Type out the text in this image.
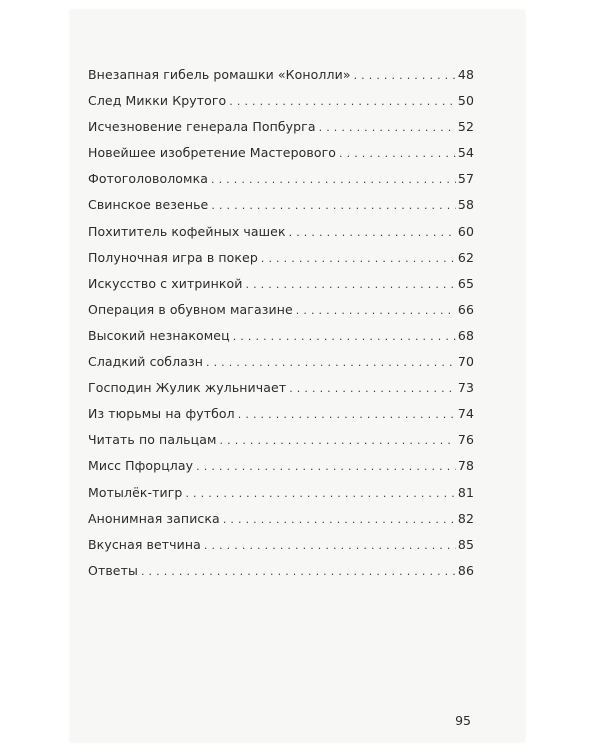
Внезапная гибель ромашки «Конолли» . . .	48
След Микки Крутого . . .	50
Исчезновение генерала Попбурга . . .	52
Новейшее изобретение Мастерового . . .	54
Фотоголоволомка . . .	57
Свинское везенье . . .	58
Похититель кофейных чашек . . .	60
Полуночная игра в покер . . .	62
Искусство с хитринкой . . .	65
Операция в обувном магазине . . .	66
Высокий незнакомец . . .	68
Сладкий соблазн . . .	70
Господин Жулик жульничает . . .	73
Из тюрьмы на футбол . . .	74
Читать по пальцам . . .	76
Мисс Пфорцлау . . .	78
Мотылёк-тигр . . .	81
Анонимная записка . . .	82
Вкусная ветчина . . .	85
Ответы . . .	86
95
